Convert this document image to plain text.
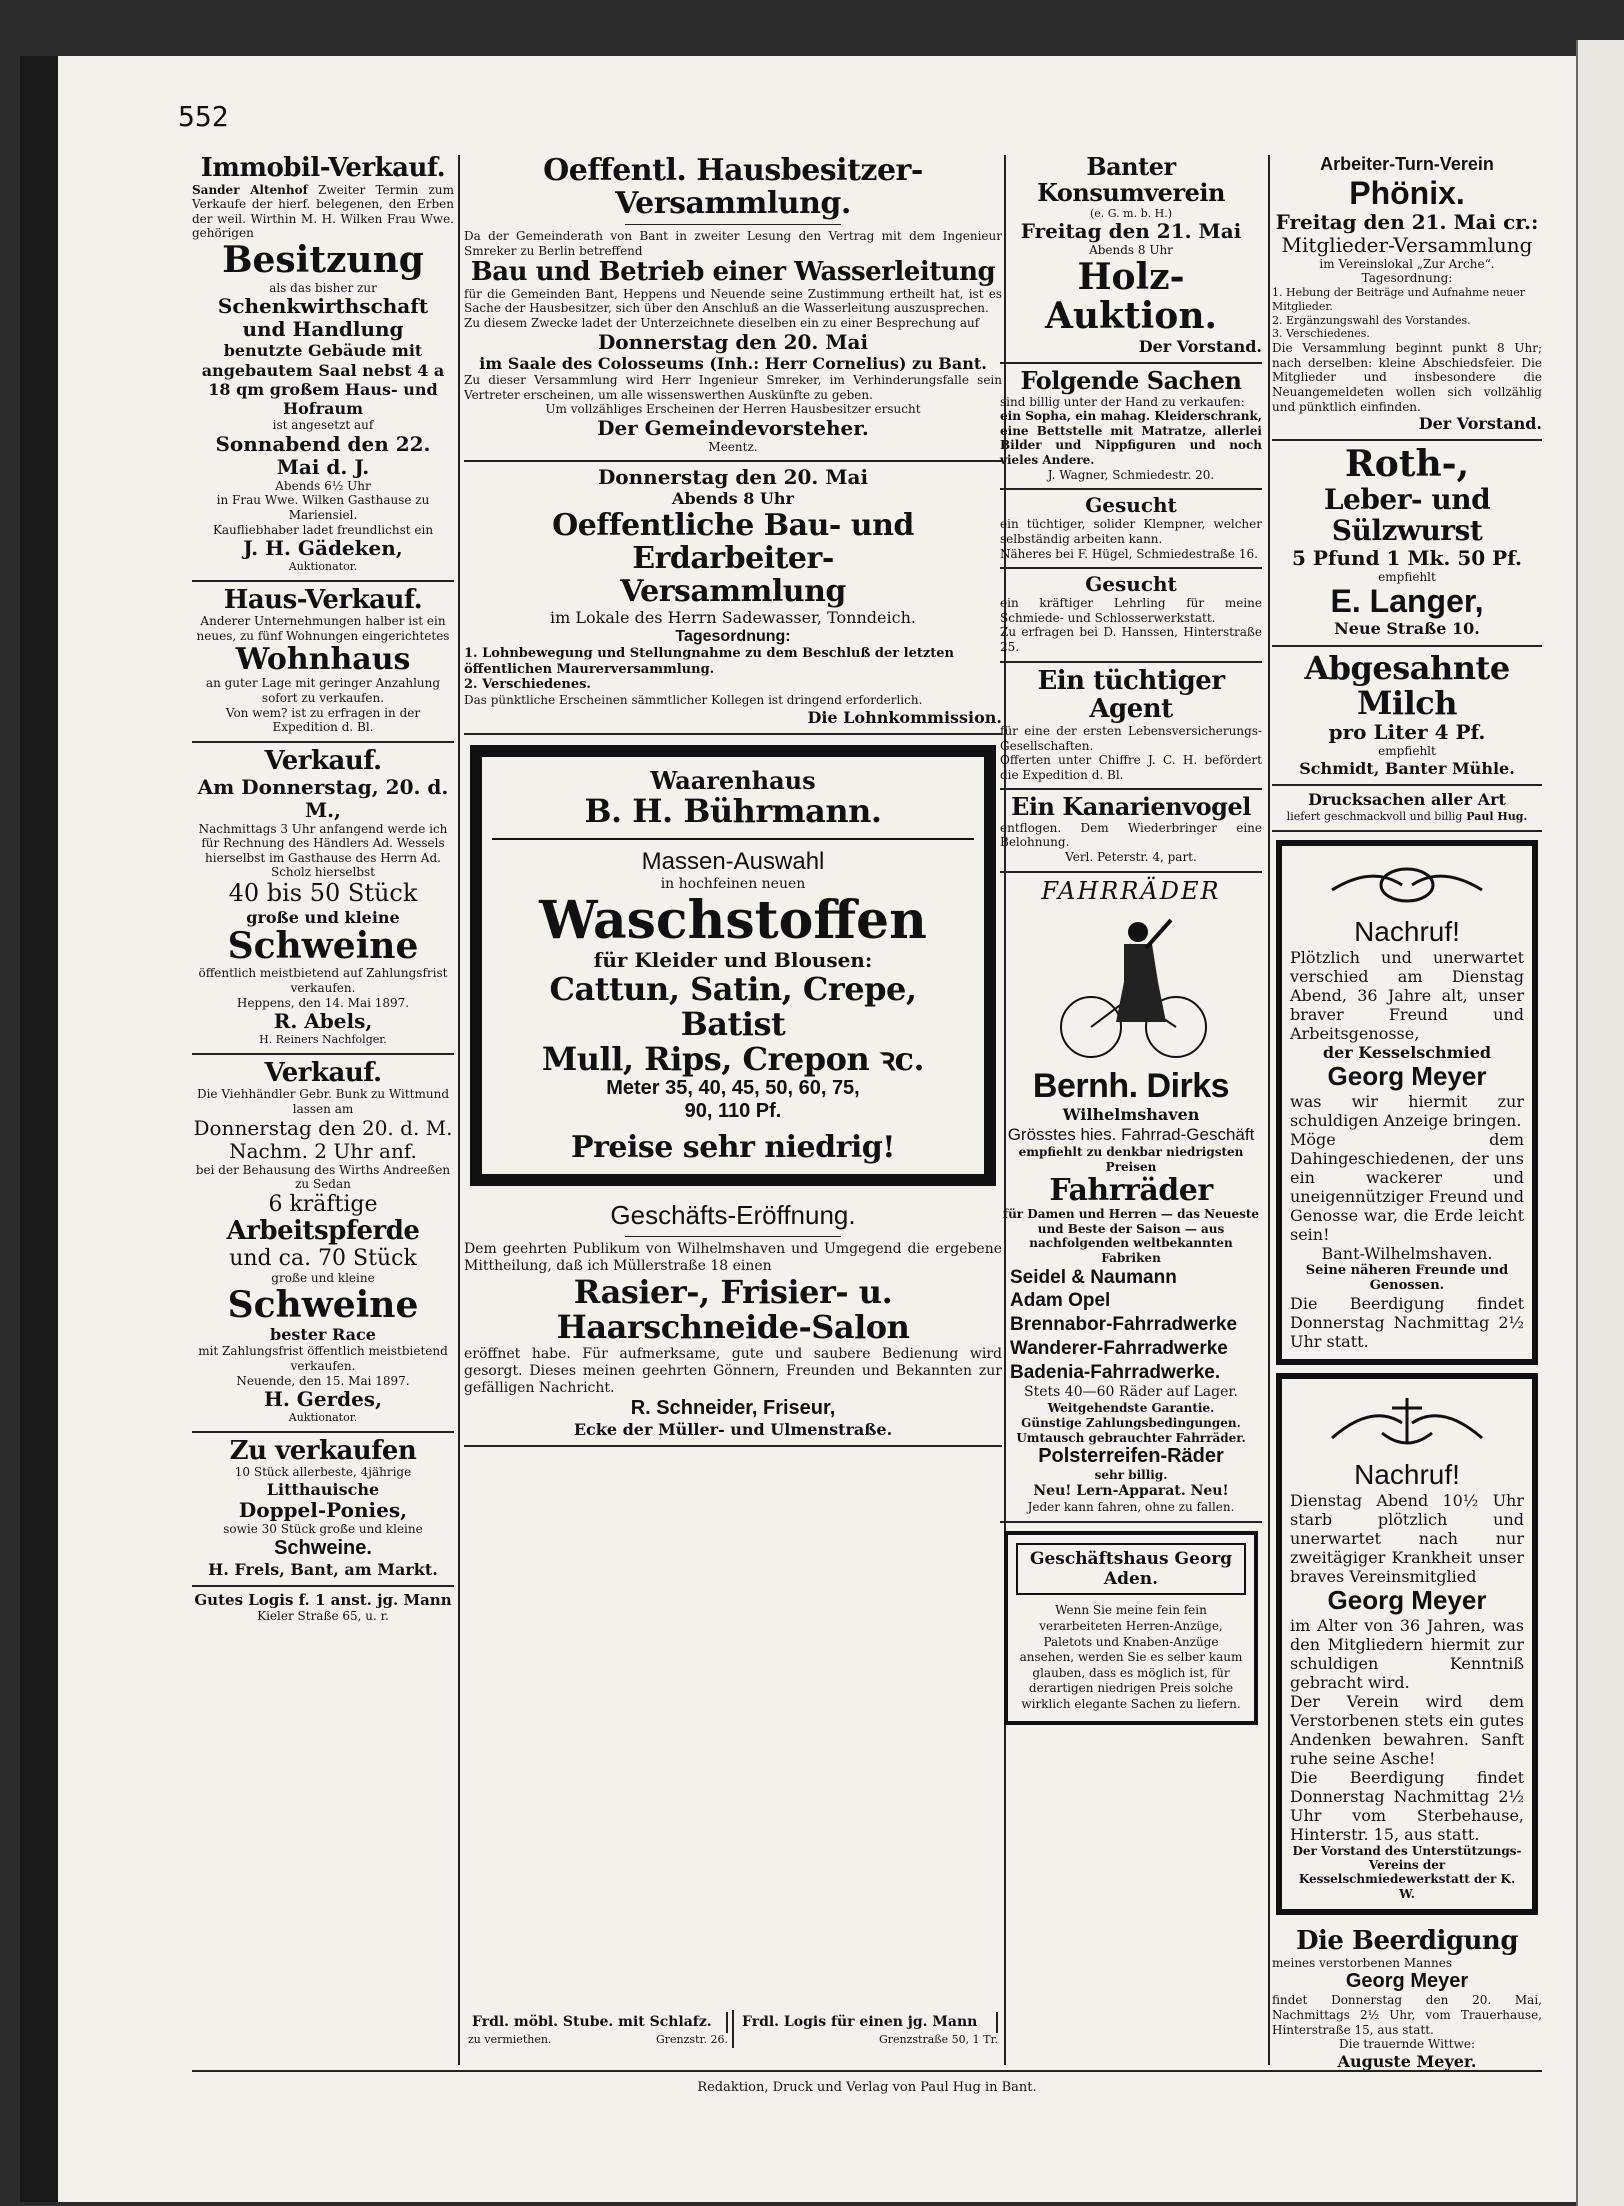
552
Immobil-Verkauf.
Sander Altenhof Zweiter Termin zum Verkaufe der hierf. belegenen, den Erben der weil. Wirthin M. H. Wilken Frau Wwe. gehörigen
Besitzung
als das bisher zur
Schenkwirthschaft
und Handlung
benutzte Gebäude mit angebautem Saal nebst 4 a 18 qm großem Haus- und Hofraum
ist angesetzt auf
Sonnabend den 22. Mai d. J.
Abends 6½ Uhr
in Frau Wwe. Wilken Gasthause zu Mariensiel.
Kaufliebhaber ladet freundlichst ein
J. H. Gädeken,
Auktionator.
Haus-Verkauf.
Anderer Unternehmungen halber ist ein neues, zu fünf Wohnungen eingerichtetes
Wohnhaus
an guter Lage mit geringer Anzahlung sofort zu verkaufen.
Von wem? ist zu erfragen in der Expedition d. Bl.
Verkauf.
Am Donnerstag, 20. d. M.,
Nachmittags 3 Uhr anfangend werde ich für Rechnung des Händlers Ad. Wessels hierselbst im Gasthause des Herrn Ad. Scholz hierselbst
40 bis 50 Stück
große und kleine
Schweine
öffentlich meistbietend auf Zahlungsfrist verkaufen.
Heppens, den 14. Mai 1897.
R. Abels,
H. Reiners Nachfolger.
Verkauf.
Die Viehhändler Gebr. Bunk zu Wittmund lassen am
Donnerstag den 20. d. M.
Nachm. 2 Uhr anf.
bei der Behausung des Wirths Andreeßen zu Sedan
6 kräftige
Arbeitspferde
und ca. 70 Stück
große und kleine
Schweine
bester Race
mit Zahlungsfrist öffentlich meistbietend verkaufen.
Neuende, den 15. Mai 1897.
H. Gerdes,
Auktionator.
Zu verkaufen
10 Stück allerbeste, 4jährige
Litthauische
Doppel-Ponies,
sowie 30 Stück große und kleine
Schweine.
H. Frels, Bant, am Markt.
Gutes Logis f. 1 anst. jg. Mann
Kieler Straße 65, u. r.
Oeffentl. Hausbesitzer-Versammlung.
Da der Gemeinderath von Bant in zweiter Lesung den Vertrag mit dem Ingenieur Smreker zu Berlin betreffend
Bau und Betrieb einer Wasserleitung
für die Gemeinden Bant, Heppens und Neuende seine Zustimmung ertheilt hat, ist es Sache der Hausbesitzer, sich über den Anschluß an die Wasserleitung auszusprechen.
Zu diesem Zwecke ladet der Unterzeichnete dieselben ein zu einer Besprechung auf
Donnerstag den 20. Mai
im Saale des Colosseums (Inh.: Herr Cornelius) zu Bant.
Zu dieser Versammlung wird Herr Ingenieur Smreker, im Verhinderungsfalle sein Vertreter erscheinen, um alle wissenswerthen Auskünfte zu geben.
Um vollzähliges Erscheinen der Herren Hausbesitzer ersucht
Der Gemeindevorsteher.
Meentz.
Donnerstag den 20. Mai
Abends 8 Uhr
Oeffentliche Bau- und Erdarbeiter-
Versammlung
im Lokale des Herrn Sadewasser, Tonndeich.
Tagesordnung:
1. Lohnbewegung und Stellungnahme zu dem Beschluß der letzten öffentlichen Maurerversammlung.
2. Verschiedenes.
Das pünktliche Erscheinen sämmtlicher Kollegen ist dringend erforderlich.
Die Lohnkommission.
Waarenhaus
B. H. Bührmann.
Massen-Auswahl
in hochfeinen neuen
Waschstoffen
für Kleider und Blousen:
Cattun, Satin, Crepe, Batist
Mull, Rips, Crepon ꝛc.
Meter 35, 40, 45, 50, 60, 75,
90, 110 Pf.
Preise sehr niedrig!
Geschäfts-Eröffnung.
Dem geehrten Publikum von Wilhelmshaven und Umgegend die ergebene Mittheilung, daß ich Müllerstraße 18 einen
Rasier-, Frisier- u. Haarschneide-Salon
eröffnet habe. Für aufmerksame, gute und saubere Bedienung wird gesorgt. Dieses meinen geehrten Gönnern, Freunden und Bekannten zur gefälligen Nachricht.
R. Schneider, Friseur,
Ecke der Müller- und Ulmenstraße.
Frdl. möbl. Stube. mit Schlafz.
zu vermiethen.	Grenzstr. 26.
Frdl. Logis für einen jg. Mann
Grenzstraße 50, 1 Tr.
Banter Konsumverein
(e. G. m. b. H.)
Freitag den 21. Mai
Abends 8 Uhr
Holz-Auktion.
Der Vorstand.
Folgende Sachen
sind billig unter der Hand zu verkaufen:
ein Sopha, ein mahag. Kleiderschrank, eine Bettstelle mit Matratze, allerlei Bilder und Nippfiguren und noch vieles Andere.
J. Wagner, Schmiedestr. 20.
Gesucht
ein tüchtiger, solider Klempner, welcher selbständig arbeiten kann.
Näheres bei F. Hügel, Schmiedestraße 16.
Gesucht
ein kräftiger Lehrling für meine Schmiede- und Schlosserwerkstatt.
Zu erfragen bei D. Hanssen, Hinterstraße 25.
Ein tüchtiger Agent
für eine der ersten Lebensversicherungs-Gesellschaften.
Offerten unter Chiffre J. C. H. befördert die Expedition d. Bl.
Ein Kanarienvogel
entflogen. Dem Wiederbringer eine Belohnung.
Verl. Peterstr. 4, part.
FAHRRÄDER
Bernh. Dirks
Wilhelmshaven
Grösstes hies. Fahrrad-Geschäft
empfiehlt zu denkbar niedrigsten Preisen
Fahrräder
für Damen und Herren — das Neueste und Beste der Saison — aus nachfolgenden weltbekannten Fabriken
Seidel & Naumann
Adam Opel
Brennabor-Fahrradwerke
Wanderer-Fahrradwerke
Badenia-Fahrradwerke.
Stets 40—60 Räder auf Lager.
Weitgehendste Garantie.
Günstige Zahlungsbedingungen.
Umtausch gebrauchter Fahrräder.
Polsterreifen-Räder
sehr billig.
Neu! Lern-Apparat. Neu!
Jeder kann fahren, ohne zu fallen.
Geschäftshaus Georg Aden.
Wenn Sie meine fein fein verarbeiteten Herren-Anzüge, Paletots und Knaben-Anzüge ansehen, werden Sie es selber kaum glauben, dass es möglich ist, für derartigen niedrigen Preis solche wirklich elegante Sachen zu liefern.
Arbeiter-Turn-Verein
Phönix.
Freitag den 21. Mai cr.:
Mitglieder-Versammlung
im Vereinslokal „Zur Arche“.
Tagesordnung:
1. Hebung der Beiträge und Aufnahme neuer Mitglieder.
2. Ergänzungswahl des Vorstandes.
3. Verschiedenes.
Die Versammlung beginnt punkt 8 Uhr; nach derselben: kleine Abschiedsfeier. Die Mitglieder und insbesondere die Neuangemeldeten wollen sich vollzählig und pünktlich einfinden.
Der Vorstand.
Roth-,
Leber- und Sülzwurst
5 Pfund 1 Mk. 50 Pf.
empfiehlt
E. Langer,
Neue Straße 10.
Abgesahnte Milch
pro Liter 4 Pf.
empfiehlt
Schmidt, Banter Mühle.
Drucksachen aller Art
liefert geschmackvoll und billig Paul Hug.
Nachruf!
Plötzlich und unerwartet verschied am Dienstag Abend, 36 Jahre alt, unser braver Freund und Arbeitsgenosse,
der Kesselschmied
Georg Meyer
was wir hiermit zur schuldigen Anzeige bringen.
Möge dem Dahingeschiedenen, der uns ein wackerer und uneigennütziger Freund und Genosse war, die Erde leicht sein!
Bant-Wilhelmshaven.
Seine näheren Freunde und Genossen.
Die Beerdigung findet Donnerstag Nachmittag 2½ Uhr statt.
Nachruf!
Dienstag Abend 10½ Uhr starb plötzlich und unerwartet nach nur zweitägiger Krankheit unser braves Vereinsmitglied
Georg Meyer
im Alter von 36 Jahren, was den Mitgliedern hiermit zur schuldigen Kenntniß gebracht wird.
Der Verein wird dem Verstorbenen stets ein gutes Andenken bewahren. Sanft ruhe seine Asche!
Die Beerdigung findet Donnerstag Nachmittag 2½ Uhr vom Sterbehause, Hinterstr. 15, aus statt.
Der Vorstand des Unterstützungs-Vereins der Kesselschmiedewerkstatt der K. W.
Die Beerdigung
meines verstorbenen Mannes
Georg Meyer
findet Donnerstag den 20. Mai, Nachmittags 2½ Uhr, vom Trauerhause, Hinterstraße 15, aus statt.
Die trauernde Wittwe:
Auguste Meyer.
Redaktion, Druck und Verlag von Paul Hug in Bant.
